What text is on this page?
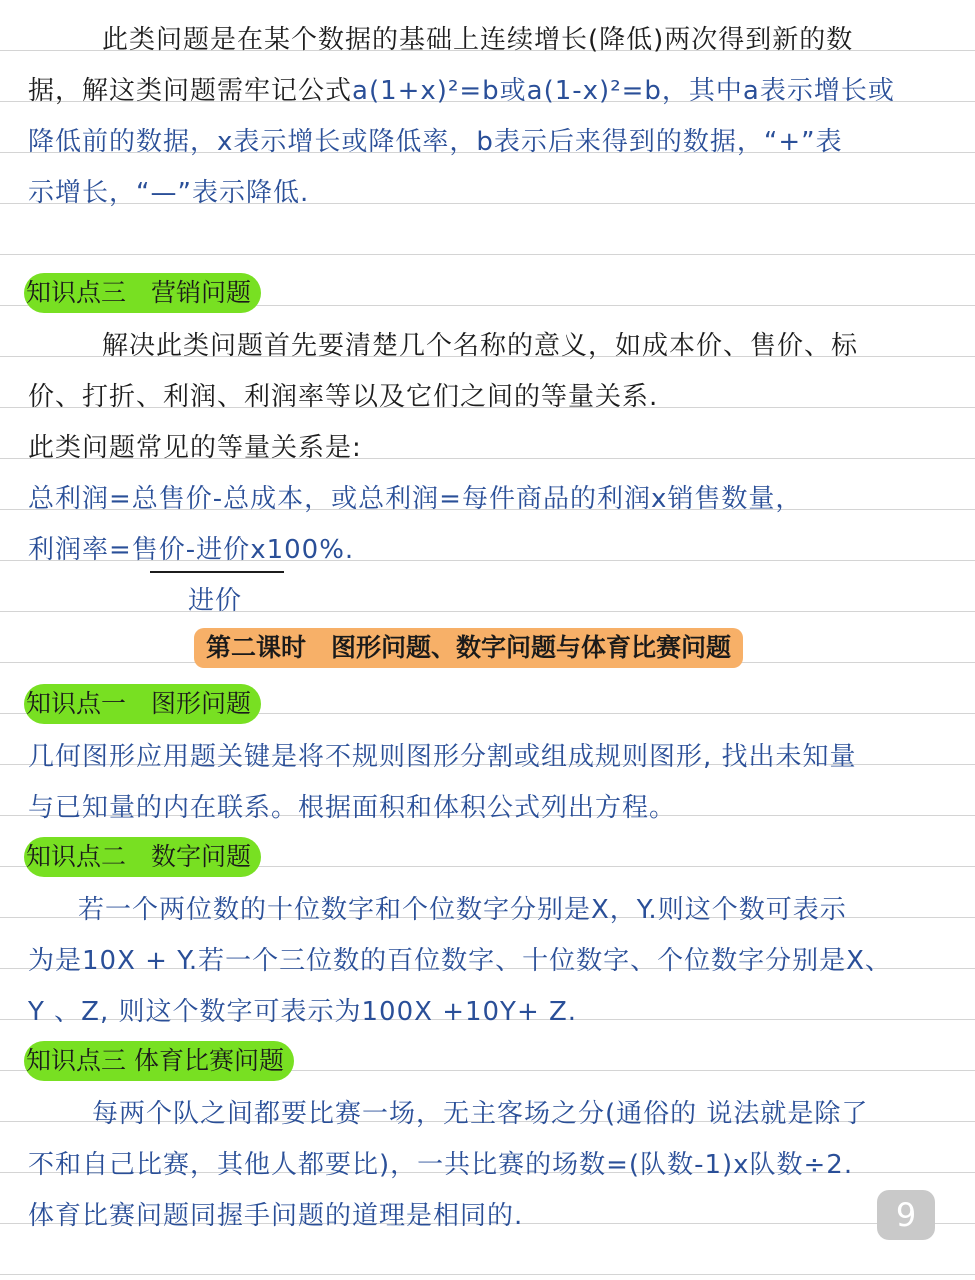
此类问题是在某个数据的基础上连续增长(降低)两次得到新的数
据，解这类问题需牢记公式a(1+x)²=b或a(1-x)²=b，其中a表示增长或
降低前的数据，x表示增长或降低率，b表示后来得到的数据，“+”表
示增长，“—”表示降低.
知识点三　营销问题
解决此类问题首先要清楚几个名称的意义，如成本价、售价、标
价、打折、利润、利润率等以及它们之间的等量关系.
此类问题常见的等量关系是:
总利润=总售价-总成本，或总利润=每件商品的利润x销售数量，
利润率=售价-进价x100%.
进价
第二课时　图形问题、数字问题与体育比赛问题
知识点一　图形问题
几何图形应用题关键是将不规则图形分割或组成规则图形, 找出未知量
与已知量的内在联系。根据面积和体积公式列出方程。
知识点二　数字问题
若一个两位数的十位数字和个位数字分别是X，Y.则这个数可表示
为是10X + Y.若一个三位数的百位数字、十位数字、个位数字分别是X、
Y 、Z, 则这个数字可表示为100X +10Y+ Z.
知识点三 体育比赛问题
每两个队之间都要比赛一场，无主客场之分(通俗的 说法就是除了
不和自己比赛，其他人都要比)，一共比赛的场数=(队数-1)x队数÷2.
体育比赛问题同握手问题的道理是相同的.	9
